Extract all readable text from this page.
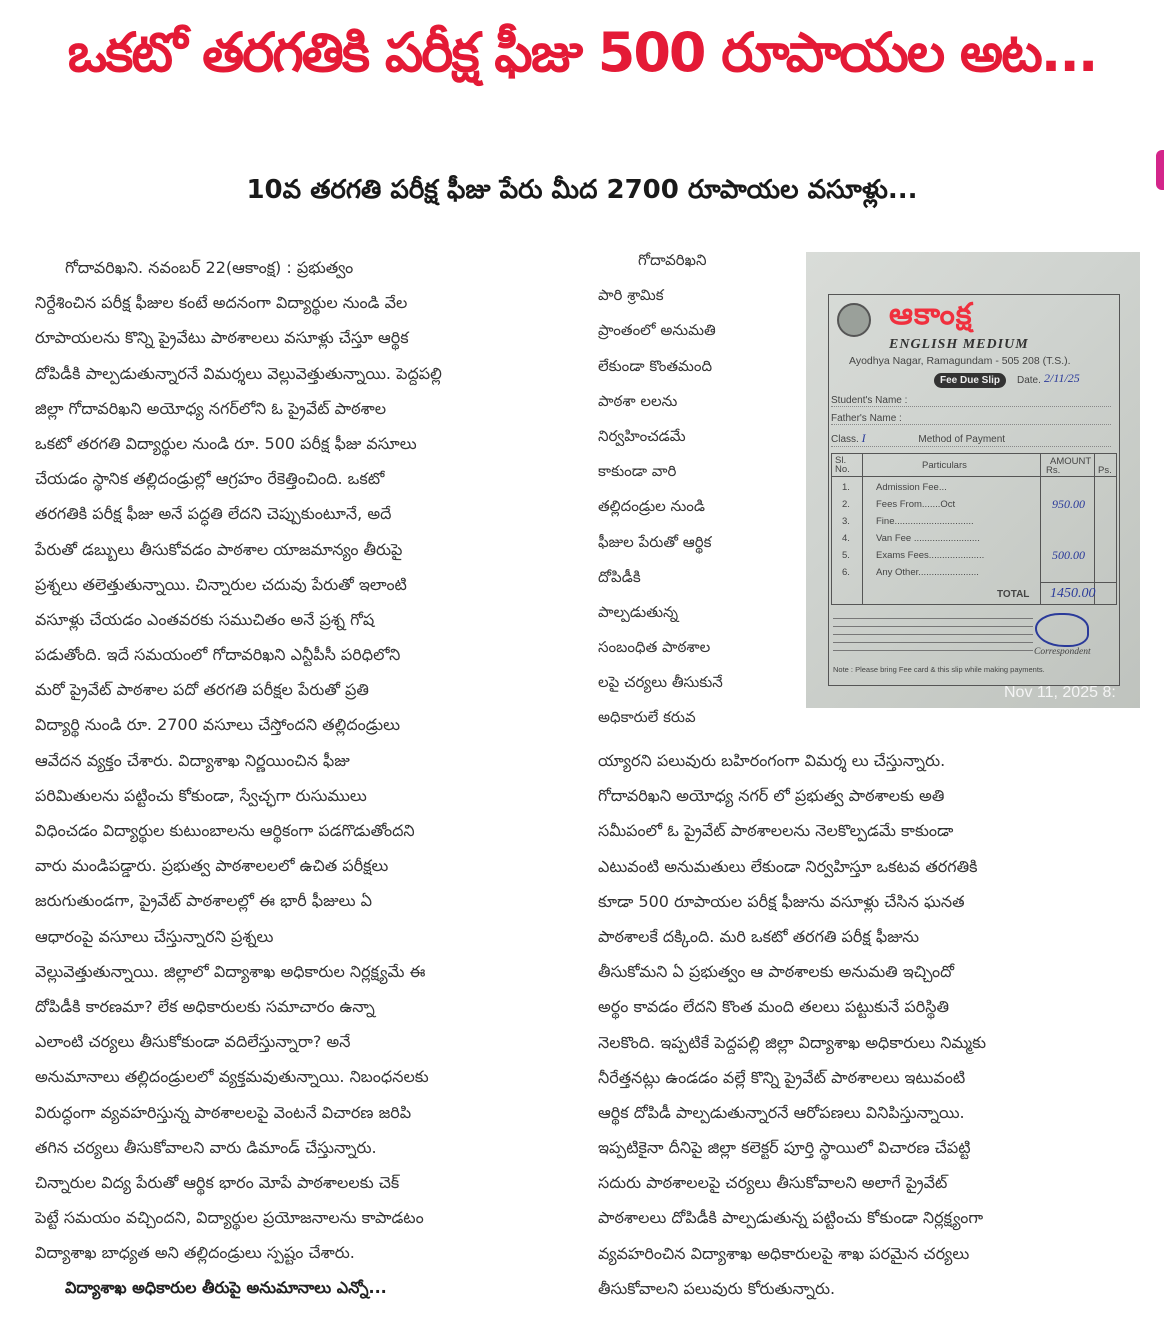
ఒకటో తరగతికి పరీక్ష ఫీజు 500 రూపాయల అట...
10వ తరగతి పరీక్ష ఫీజు పేరు మీద 2700 రూపాయల వసూళ్లు...
గోదావరిఖని. నవంబర్ 22(ఆకాంక్ష) : ప్రభుత్వం
నిర్దేశించిన పరీక్ష ఫీజుల కంటే అదనంగా విద్యార్థుల నుండి వేల
రూపాయలను కొన్ని ప్రైవేటు పాఠశాలలు వసూళ్లు చేస్తూ ఆర్థిక
దోపిడీకి పాల్పడుతున్నారనే విమర్శలు వెల్లువెత్తుతున్నాయి. పెద్దపల్లి
జిల్లా గోదావరిఖని అయోధ్య నగర్‌లోని ఓ ప్రైవేట్ పాఠశాల
ఒకటో తరగతి విద్యార్థుల నుండి రూ. 500 పరీక్ష ఫీజు వసూలు
చేయడం స్థానిక తల్లిదండ్రుల్లో ఆగ్రహం రేకెత్తించింది. ఒకటో
తరగతికి పరీక్ష ఫీజు అనే పద్ధతి లేదని చెప్పుకుంటూనే, అదే
పేరుతో డబ్బులు తీసుకోవడం పాఠశాల యాజమాన్యం తీరుపై
ప్రశ్నలు తలెత్తుతున్నాయి. చిన్నారుల చదువు పేరుతో ఇలాంటి
వసూళ్లు చేయడం ఎంతవరకు సముచితం అనే ప్రశ్న గోష
పడుతోంది. ఇదే సమయంలో గోదావరిఖని ఎన్టీపీసీ పరిధిలోని
మరో ప్రైవేట్ పాఠశాల పదో తరగతి పరీక్షల పేరుతో ప్రతి
విద్యార్థి నుండి రూ. 2700 వసూలు చేస్తోందని తల్లిదండ్రులు
ఆవేదన వ్యక్తం చేశారు. విద్యాశాఖ నిర్ణయించిన ఫీజు
పరిమితులను పట్టించు కోకుండా, స్వేచ్ఛగా రుసుములు
విధించడం విద్యార్థుల కుటుంబాలను ఆర్థికంగా పడగొడుతోందని
వారు మండిపడ్డారు. ప్రభుత్వ పాఠశాలలలో ఉచిత పరీక్షలు
జరుగుతుండగా, ప్రైవేట్ పాఠశాలల్లో ఈ భారీ ఫీజులు ఏ
ఆధారంపై వసూలు చేస్తున్నారని ప్రశ్నలు
వెల్లువెత్తుతున్నాయి. జిల్లాలో విద్యాశాఖ అధికారుల నిర్లక్ష్యమే ఈ
దోపిడీకి కారణమా? లేక అధికారులకు సమాచారం ఉన్నా
ఎలాంటి చర్యలు తీసుకోకుండా వదిలేస్తున్నారా? అనే
అనుమానాలు తల్లిదండ్రులలో వ్యక్తమవుతున్నాయి. నిబంధనలకు
విరుద్ధంగా వ్యవహరిస్తున్న పాఠశాలలపై వెంటనే విచారణ జరిపి
తగిన చర్యలు తీసుకోవాలని వారు డిమాండ్ చేస్తున్నారు.
చిన్నారుల విద్య పేరుతో ఆర్థిక భారం మోపే పాఠశాలలకు చెక్
పెట్టే సమయం వచ్చిందని, విద్యార్థుల ప్రయోజనాలను కాపాడటం
విద్యాశాఖ బాధ్యత అని తల్లిదండ్రులు స్పష్టం చేశారు.
విద్యాశాఖ అధికారుల తీరుపై అనుమానాలు ఎన్నో...
గోదావరిఖని
పారి శ్రామిక
ప్రాంతంలో అనుమతి
లేకుండా కొంతమంది
పాఠశా లలను
నిర్వహించడమే
కాకుండా వారి
తల్లిదండ్రుల నుండి
ఫీజుల పేరుతో ఆర్థిక
దోపిడీకి
పాల్పడుతున్న
సంబంధిత పాఠశాల
లపై చర్యలు తీసుకునే
అధికారులే కరువ
ఆకాంక్ష
ENGLISH MEDIUM
Ayodhya Nagar, Ramagundam - 505 208 (T.S.).
Fee Due Slip	Date. 2/11/25
Student's Name :
Father's Name :
Class. I	Method of Payment
Sl. No.	Particulars	AMOUNT
Rs.	Ps.
1.	Admission Fee...
2.	Fees From.......Oct	950.00
3.	Fine..............................
4.	Van Fee .........................
5.	Exams Fees.....................	500.00
6.	Any Other.......................
TOTAL 1450.00
Correspondent
Note : Please bring Fee card & this slip while making payments.
Nov 11, 2025 8:
య్యారని పలువురు బహిరంగంగా విమర్శ లు చేస్తున్నారు.
గోదావరిఖని అయోధ్య నగర్ లో ప్రభుత్వ పాఠశాలకు అతి
సమీపంలో ఓ ప్రైవేట్ పాఠశాలలను నెలకొల్పడమే కాకుండా
ఎటువంటి అనుమతులు లేకుండా నిర్వహిస్తూ ఒకటవ తరగతికి
కూడా 500 రూపాయల పరీక్ష ఫీజును వసూళ్లు చేసిన ఘనత
పాఠశాలకే దక్కింది. మరి ఒకటో తరగతి పరీక్ష ఫీజును
తీసుకోమని ఏ ప్రభుత్వం ఆ పాఠశాలకు అనుమతి ఇచ్చిందో
అర్థం కావడం లేదని కొంత మంది తలలు పట్టుకునే పరిస్థితి
నెలకొంది. ఇప్పటికే పెద్దపల్లి జిల్లా విద్యాశాఖ అధికారులు నిమ్మకు
నీరేత్తనట్లు ఉండడం వల్లే కొన్ని ప్రైవేట్ పాఠశాలలు ఇటువంటి
ఆర్థిక దోపిడీ పాల్పడుతున్నారనే ఆరోపణలు వినిపిస్తున్నాయి.
ఇప్పటికైనా దీనిపై జిల్లా కలెక్టర్ పూర్తి స్థాయిలో విచారణ చేపట్టి
సదురు పాఠశాలలపై చర్యలు తీసుకోవాలని అలాగే ప్రైవేట్
పాఠశాలలు దోపిడీకి పాల్పడుతున్న పట్టించు కోకుండా నిర్లక్ష్యంగా
వ్యవహరించిన విద్యాశాఖ అధికారులపై శాఖ పరమైన చర్యలు
తీసుకోవాలని పలువురు కోరుతున్నారు.
